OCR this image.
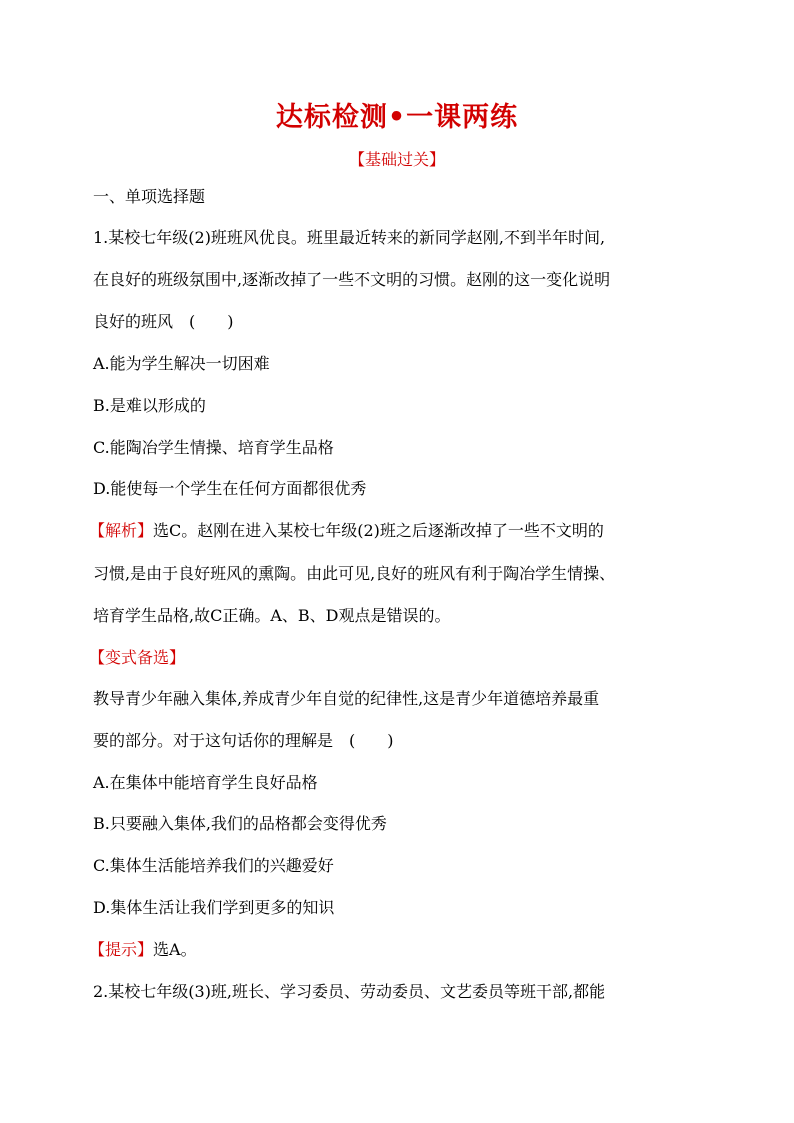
达标检测•一课两练
【基础过关】
一、单项选择题
1.某校七年级(2)班班风优良。班里最近转来的新同学赵刚,不到半年时间,
在良好的班级氛围中,逐渐改掉了一些不文明的习惯。赵刚的这一变化说明
良好的班风　(　　)
A.能为学生解决一切困难
B.是难以形成的
C.能陶冶学生情操、培育学生品格
D.能使每一个学生在任何方面都很优秀
【解析】选C。赵刚在进入某校七年级(2)班之后逐渐改掉了一些不文明的
习惯,是由于良好班风的熏陶。由此可见,良好的班风有利于陶冶学生情操、
培育学生品格,故C正确。A、B、D观点是错误的。
【变式备选】
教导青少年融入集体,养成青少年自觉的纪律性,这是青少年道德培养最重
要的部分。对于这句话你的理解是　(　　)
A.在集体中能培育学生良好品格
B.只要融入集体,我们的品格都会变得优秀
C.集体生活能培养我们的兴趣爱好
D.集体生活让我们学到更多的知识
【提示】选A。
2.某校七年级(3)班,班长、学习委员、劳动委员、文艺委员等班干部,都能
